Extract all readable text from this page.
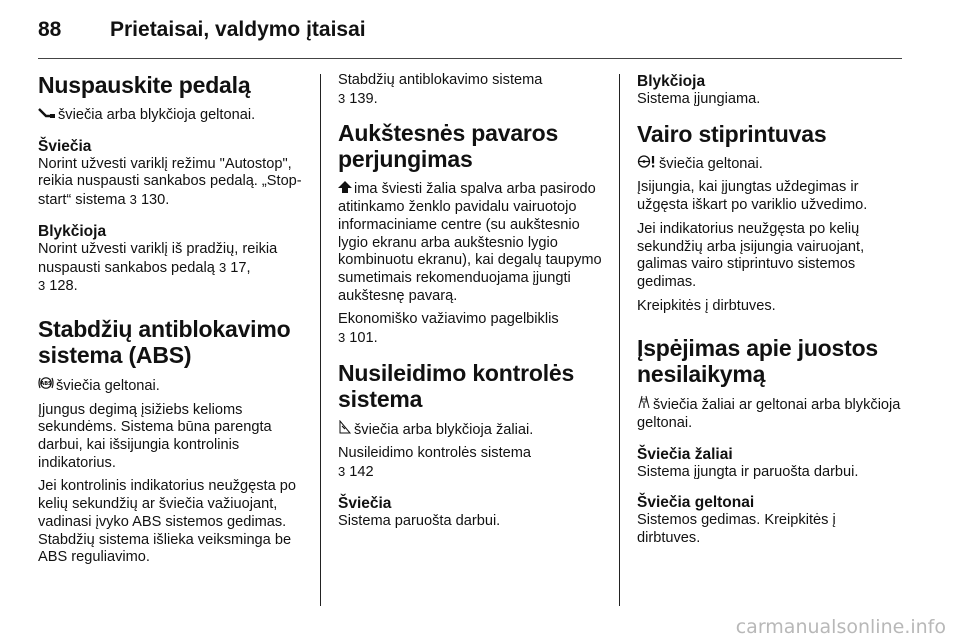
88 Prietaisai, valdymo įtaisai
Nuspauskite pedalą

šviečia arba blykčioja geltonai.

Šviečia

Norint užvesti variklį režimu "Autostop", reikia nuspausti sankabos pedalą. „Stop-start“ sistema 3 130.

Blykčioja

Norint užvesti variklį iš pradžių, reikia nuspausti sankabos pedalą 3 17,
3 128.

Stabdžių antiblokavimo sistema (ABS)

ABS šviečia geltonai.

Įjungus degimą įsižiebs kelioms sekundėms. Sistema būna parengta darbui, kai išsijungia kontrolinis indikatorius.

Jei kontrolinis indikatorius neužgęsta po kelių sekundžių ar šviečia važiuojant, vadinasi įvyko ABS sistemos gedimas. Stabdžių sistema išlieka veiksminga be ABS reguliavimo.

Stabdžių antiblokavimo sistema
3 139.

Aukštesnės pavaros perjungimas

ima šviesti žalia spalva arba pasirodo atitinkamo ženklo pavidalu vairuotojo informaciniame centre (su aukštesnio lygio ekranu arba aukštesnio lygio kombinuotu ekranu), kai degalų taupymo sumetimais rekomenduojama įjungti aukštesnę pavarą.

Ekonomiško važiavimo pagelbiklis
3 101.

Nusileidimo kontrolės sistema

šviečia arba blykčioja žaliai.

Nusileidimo kontrolės sistema
3 142

Šviečia

Sistema paruošta darbui.

Blykčioja

Sistema įjungiama.

Vairo stiprintuvas

šviečia geltonai.

Įsijungia, kai įjungtas uždegimas ir užgęsta iškart po variklio užvedimo.

Jei indikatorius neužgęsta po kelių sekundžių arba įsijungia vairuojant, galimas vairo stiprintuvo sistemos gedimas.

Kreipkitės į dirbtuves.

Įspėjimas apie juostos nesilaikymą

šviečia žaliai ar geltonai arba blykčioja geltonai.

Šviečia žaliai

Sistema įjungta ir paruošta darbui.

Šviečia geltonai

Sistemos gedimas. Kreipkitės į dirbtuves.

carmanualsonline.info
